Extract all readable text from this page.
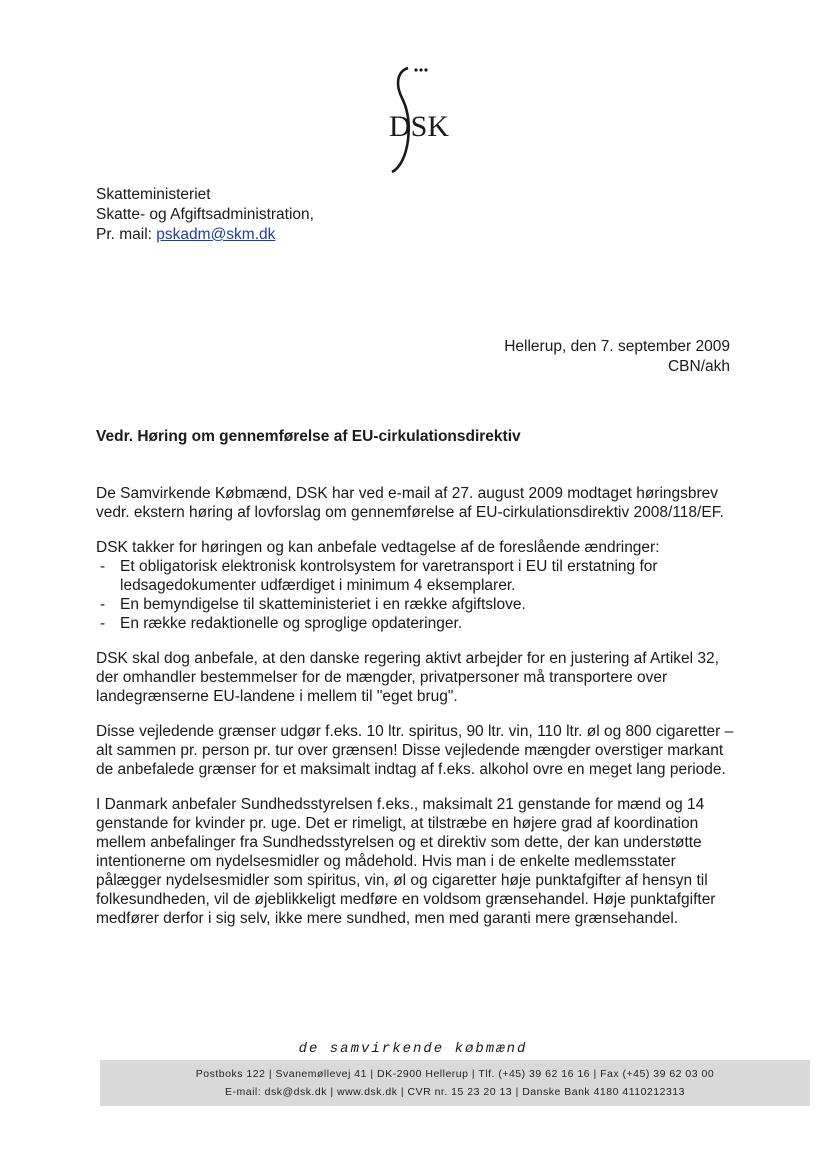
DSK
Skatteministeriet
Skatte- og Afgiftsadministration,
Pr. mail: pskadm@skm.dk
Hellerup, den 7. september 2009
CBN/akh
Vedr. Høring om gennemførelse af EU-cirkulationsdirektiv

De Samvirkende Købmænd, DSK har ved e-mail af 27. august 2009 modtaget høringsbrev vedr. ekstern høring af lovforslag om gennemførelse af EU-cirkulationsdirektiv 2008/118/EF.

DSK takker for høringen og kan anbefale vedtagelse af de foreslående ændringer:

- Et obligatorisk elektronisk kontrolsystem for varetransport i EU til erstatning for ledsagedokumenter udfærdiget i minimum 4 eksemplarer.
- En bemyndigelse til skatteministeriet i en række afgiftslove.
- En række redaktionelle og sproglige opdateringer.

DSK skal dog anbefale, at den danske regering aktivt arbejder for en justering af Artikel 32, der omhandler bestemmelser for de mængder, privatpersoner må transportere over landegrænserne EU-landene i mellem til "eget brug".

Disse vejledende grænser udgør f.eks. 10 ltr. spiritus, 90 ltr. vin, 110 ltr. øl og 800 cigaretter – alt sammen pr. person pr. tur over grænsen! Disse vejledende mængder overstiger markant de anbefalede grænser for et maksimalt indtag af f.eks. alkohol ovre en meget lang periode.

I Danmark anbefaler Sundhedsstyrelsen f.eks., maksimalt 21 genstande for mænd og 14 genstande for kvinder pr. uge. Det er rimeligt, at tilstræbe en højere grad af koordination mellem anbefalinger fra Sundhedsstyrelsen og et direktiv som dette, der kan understøtte intentionerne om nydelsesmidler og mådehold. Hvis man i de enkelte medlemsstater pålægger nydelsesmidler som spiritus, vin, øl og cigaretter høje punktafgifter af hensyn til folkesundheden, vil de øjeblikkeligt medføre en voldsom grænsehandel. Høje punktafgifter medfører derfor i sig selv, ikke mere sundhed, men med garanti mere grænsehandel.

de samvirkende købmænd
Postboks 122 | Svanemøllevej 41 | DK-2900 Hellerup | Tlf. (+45) 39 62 16 16 | Fax (+45) 39 62 03 00
E-mail: dsk@dsk.dk | www.dsk.dk | CVR nr. 15 23 20 13 | Danske Bank 4180 4110212313
